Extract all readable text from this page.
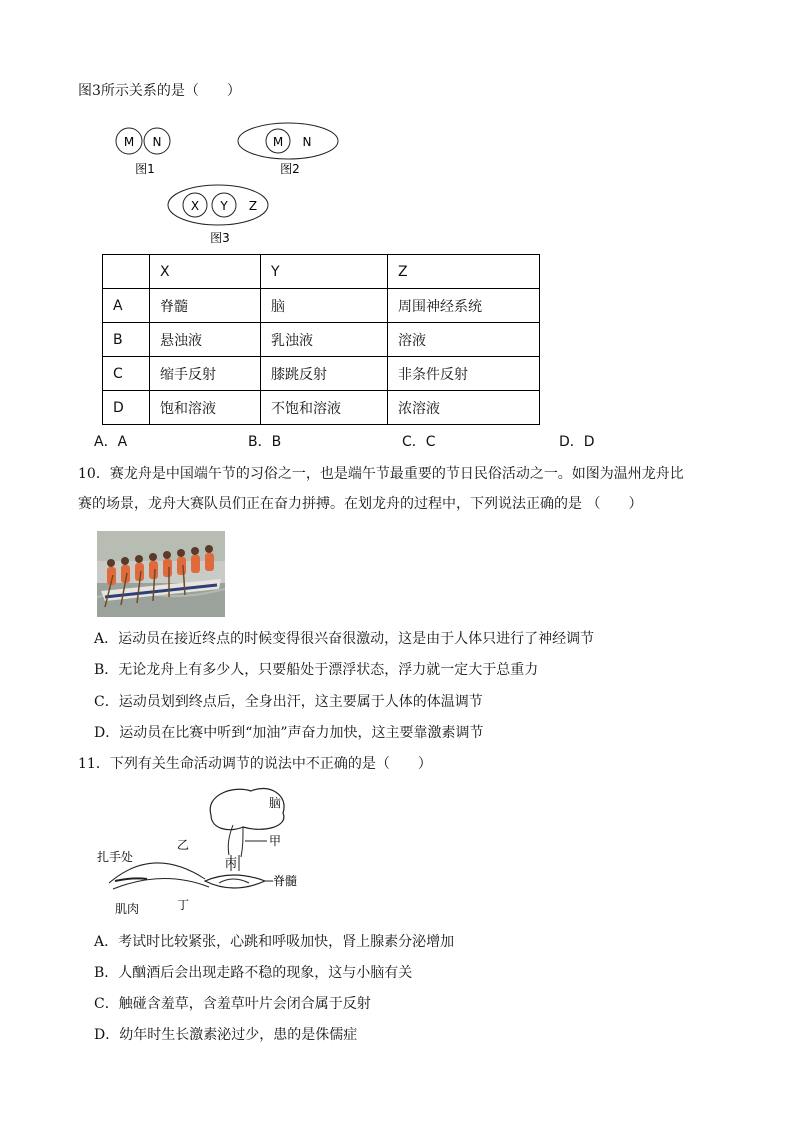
图3所示关系的是（　　）
M N
图1
M N
图2
X Y Z
图3
	X	Y	Z
A	脊髓	脑	周围神经系统
B	悬浊液	乳浊液	溶液
C	缩手反射	膝跳反射	非条件反射
D	饱和溶液	不饱和溶液	浓溶液
A．A	B．B	C．C	D．D
10．赛龙舟是中国端午节的习俗之一，也是端午节最重要的节日民俗活动之一。如图为温州龙舟比
赛的场景，龙舟大赛队员们正在奋力拼搏。在划龙舟的过程中，下列说法正确的是 （　　）
A．运动员在接近终点的时候变得很兴奋很激动，这是由于人体只进行了神经调节
B．无论龙舟上有多少人，只要船处于漂浮状态，浮力就一定大于总重力
C．运动员划到终点后，全身出汗，这主要属于人体的体温调节
D．运动员在比赛中听到“加油”声奋力加快，这主要靠激素调节
11．下列有关生命活动调节的说法中不正确的是（　　）
脑
甲
乙
丙
丁
脊髓
扎手处
肌肉
A．考试时比较紧张，心跳和呼吸加快，肾上腺素分泌增加
B．人酗酒后会出现走路不稳的现象，这与小脑有关
C．触碰含羞草，含羞草叶片会闭合属于反射
D．幼年时生长激素泌过少，患的是侏儒症
